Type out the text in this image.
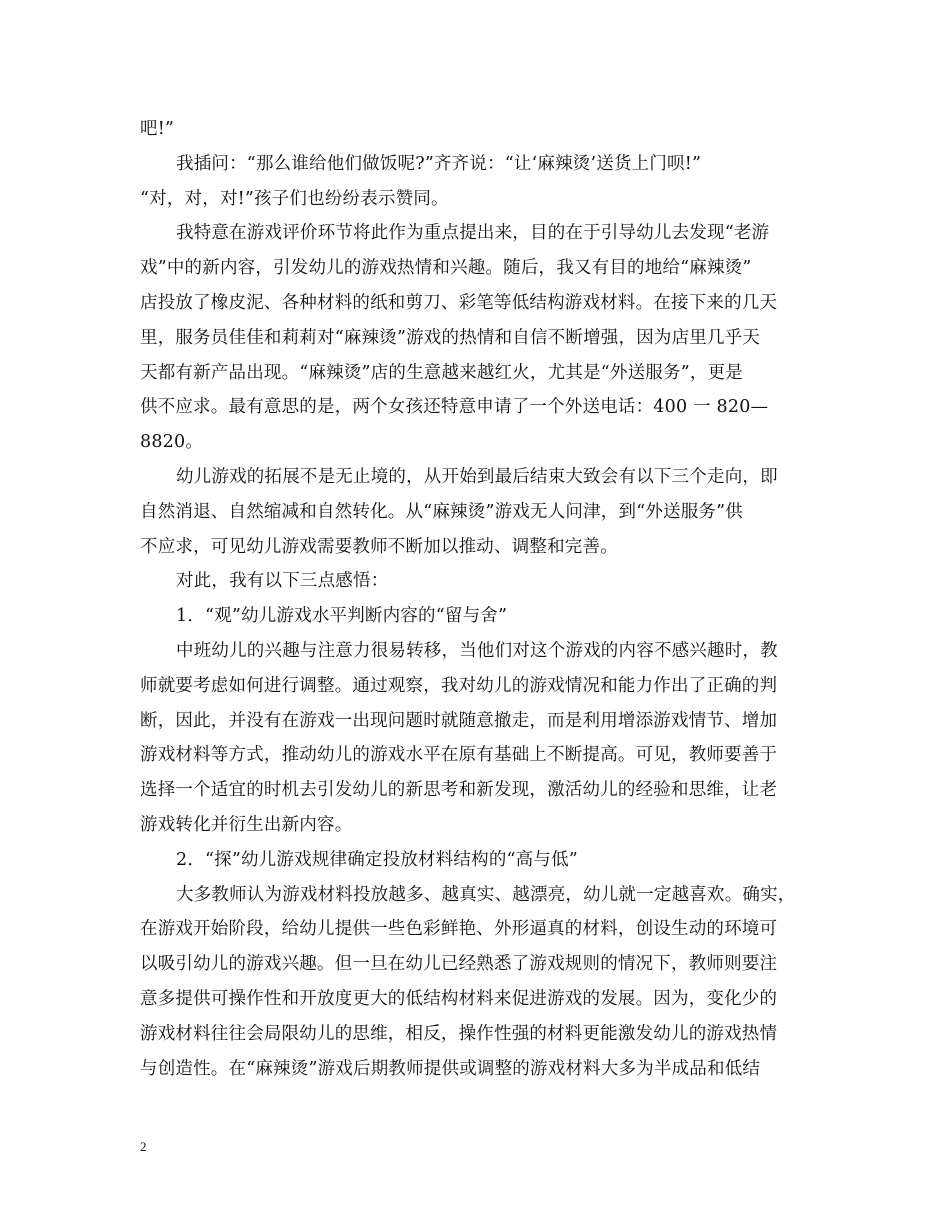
吧!”
我插问：“那么谁给他们做饭呢?”齐齐说：“让‘麻辣烫’送货上门呗!”
“对，对，对!”孩子们也纷纷表示赞同。
我特意在游戏评价环节将此作为重点提出来，目的在于引导幼儿去发现“老游
戏”中的新内容，引发幼儿的游戏热情和兴趣。随后，我又有目的地给“麻辣烫”
店投放了橡皮泥、各种材料的纸和剪刀、彩笔等低结构游戏材料。在接下来的几天
里，服务员佳佳和莉莉对“麻辣烫”游戏的热情和自信不断增强，因为店里几乎天
天都有新产品出现。“麻辣烫”店的生意越来越红火，尤其是“外送服务”，更是
供不应求。最有意思的是，两个女孩还特意申请了一个外送电话：400 一 820—
8820。
幼儿游戏的拓展不是无止境的，从开始到最后结束大致会有以下三个走向，即
自然消退、自然缩减和自然转化。从“麻辣烫”游戏无人问津，到“外送服务”供
不应求，可见幼儿游戏需要教师不断加以推动、调整和完善。
对此，我有以下三点感悟：
1．“观”幼儿游戏水平判断内容的“留与舍”
中班幼儿的兴趣与注意力很易转移，当他们对这个游戏的内容不感兴趣时，教
师就要考虑如何进行调整。通过观察，我对幼儿的游戏情况和能力作出了正确的判
断，因此，并没有在游戏一出现问题时就随意撤走，而是利用增添游戏情节、增加
游戏材料等方式，推动幼儿的游戏水平在原有基础上不断提高。可见，教师要善于
选择一个适宜的时机去引发幼儿的新思考和新发现，激活幼儿的经验和思维，让老
游戏转化并衍生出新内容。
2．“探”幼儿游戏规律确定投放材料结构的“高与低”
大多教师认为游戏材料投放越多、越真实、越漂亮，幼儿就一定越喜欢。确实，
在游戏开始阶段，给幼儿提供一些色彩鲜艳、外形逼真的材料，创设生动的环境可
以吸引幼儿的游戏兴趣。但一旦在幼儿已经熟悉了游戏规则的情况下，教师则要注
意多提供可操作性和开放度更大的低结构材料来促进游戏的发展。因为，变化少的
游戏材料往往会局限幼儿的思维，相反，操作性强的材料更能激发幼儿的游戏热情
与创造性。在“麻辣烫”游戏后期教师提供或调整的游戏材料大多为半成品和低结
2
